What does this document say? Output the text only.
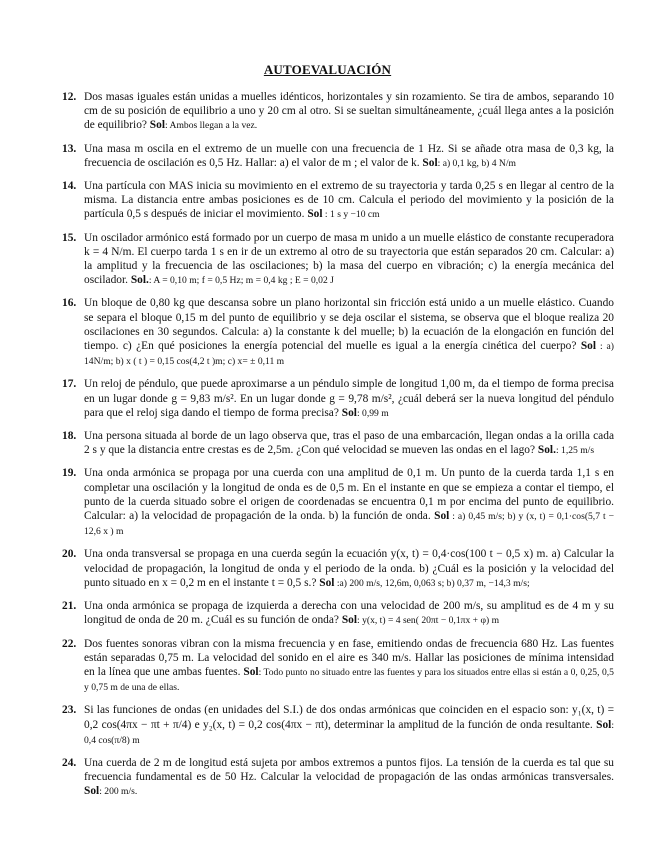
AUTOEVALUACIÓN
12. Dos masas iguales están unidas a muelles idénticos, horizontales y sin rozamiento. Se tira de ambos, separando 10 cm de su posición de equilibrio a uno y 20 cm al otro. Si se sueltan simultáneamente, ¿cuál llega antes a la posición de equilibrio? Sol: Ambos llegan a la vez.
13. Una masa m oscila en el extremo de un muelle con una frecuencia de 1 Hz. Si se añade otra masa de 0,3 kg, la frecuencia de oscilación es 0,5 Hz. Hallar: a) el valor de m ; el valor de k. Sol: a) 0,1 kg, b) 4 N/m
14. Una partícula con MAS inicia su movimiento en el extremo de su trayectoria y tarda 0,25 s en llegar al centro de la misma. La distancia entre ambas posiciones es de 10 cm. Calcula el periodo del movimiento y la posición de la partícula 0,5 s después de iniciar el movimiento. Sol : 1 s y −10 cm
15. Un oscilador armónico está formado por un cuerpo de masa m unido a un muelle elástico de constante recuperadora k = 4 N/m. El cuerpo tarda 1 s en ir de un extremo al otro de su trayectoria que están separados 20 cm. Calcular: a) la amplitud y la frecuencia de las oscilaciones; b) la masa del cuerpo en vibración; c) la energía mecánica del oscilador. Sol.: A = 0,10 m; f = 0,5 Hz; m = 0,4 kg ; E = 0,02 J
16. Un bloque de 0,80 kg que descansa sobre un plano horizontal sin fricción está unido a un muelle elástico. Cuando se separa el bloque 0,15 m del punto de equilibrio y se deja oscilar el sistema, se observa que el bloque realiza 20 oscilaciones en 30 segundos. Calcula: a) la constante k del muelle; b) la ecuación de la elongación en función del tiempo. c) ¿En qué posiciones la energía potencial del muelle es igual a la energía cinética del cuerpo? Sol : a) 14N/m; b) x ( t ) = 0,15 cos(4,2 t )m; c) x= ± 0,11 m
17. Un reloj de péndulo, que puede aproximarse a un péndulo simple de longitud 1,00 m, da el tiempo de forma precisa en un lugar donde g = 9,83 m/s². En un lugar donde g = 9,78 m/s², ¿cuál deberá ser la nueva longitud del péndulo para que el reloj siga dando el tiempo de forma precisa? Sol: 0,99 m
18. Una persona situada al borde de un lago observa que, tras el paso de una embarcación, llegan ondas a la orilla cada 2 s y que la distancia entre crestas es de 2,5m. ¿Con qué velocidad se mueven las ondas en el lago? Sol.: 1,25 m/s
19. Una onda armónica se propaga por una cuerda con una amplitud de 0,1 m. Un punto de la cuerda tarda 1,1 s en completar una oscilación y la longitud de onda es de 0,5 m. En el instante en que se empieza a contar el tiempo, el punto de la cuerda situado sobre el origen de coordenadas se encuentra 0,1 m por encima del punto de equilibrio. Calcular: a) la velocidad de propagación de la onda. b) la función de onda. Sol : a) 0,45 m/s; b) y (x, t) = 0,1·cos(5,7 t − 12,6 x ) m
20. Una onda transversal se propaga en una cuerda según la ecuación y(x, t) = 0,4·cos(100 t − 0,5 x) m. a) Calcular la velocidad de propagación, la longitud de onda y el periodo de la onda. b) ¿Cuál es la posición y la velocidad del punto situado en x = 0,2 m en el instante t = 0,5 s.? Sol :a) 200 m/s, 12,6m, 0,063 s; b) 0,37 m, −14,3 m/s;
21. Una onda armónica se propaga de izquierda a derecha con una velocidad de 200 m/s, su amplitud es de 4 m y su longitud de onda de 20 m. ¿Cuál es su función de onda? Sol: y(x, t) = 4 sen( 20πt − 0,1πx + φ) m
22. Dos fuentes sonoras vibran con la misma frecuencia y en fase, emitiendo ondas de frecuencia 680 Hz. Las fuentes están separadas 0,75 m. La velocidad del sonido en el aire es 340 m/s. Hallar las posiciones de mínima intensidad en la línea que une ambas fuentes. Sol: Todo punto no situado entre las fuentes y para los situados entre ellas si están a 0, 0,25, 0,5 y 0,75 m de una de ellas.
23. Si las funciones de ondas (en unidades del S.I.) de dos ondas armónicas que coinciden en el espacio son: y₁(x, t) = 0,2 cos(4πx − πt + π/4) e y₂(x, t) = 0,2 cos(4πx − πt), determinar la amplitud de la función de onda resultante. Sol: 0,4 cos(π/8) m
24. Una cuerda de 2 m de longitud está sujeta por ambos extremos a puntos fijos. La tensión de la cuerda es tal que su frecuencia fundamental es de 50 Hz. Calcular la velocidad de propagación de las ondas armónicas transversales. Sol: 200 m/s.
